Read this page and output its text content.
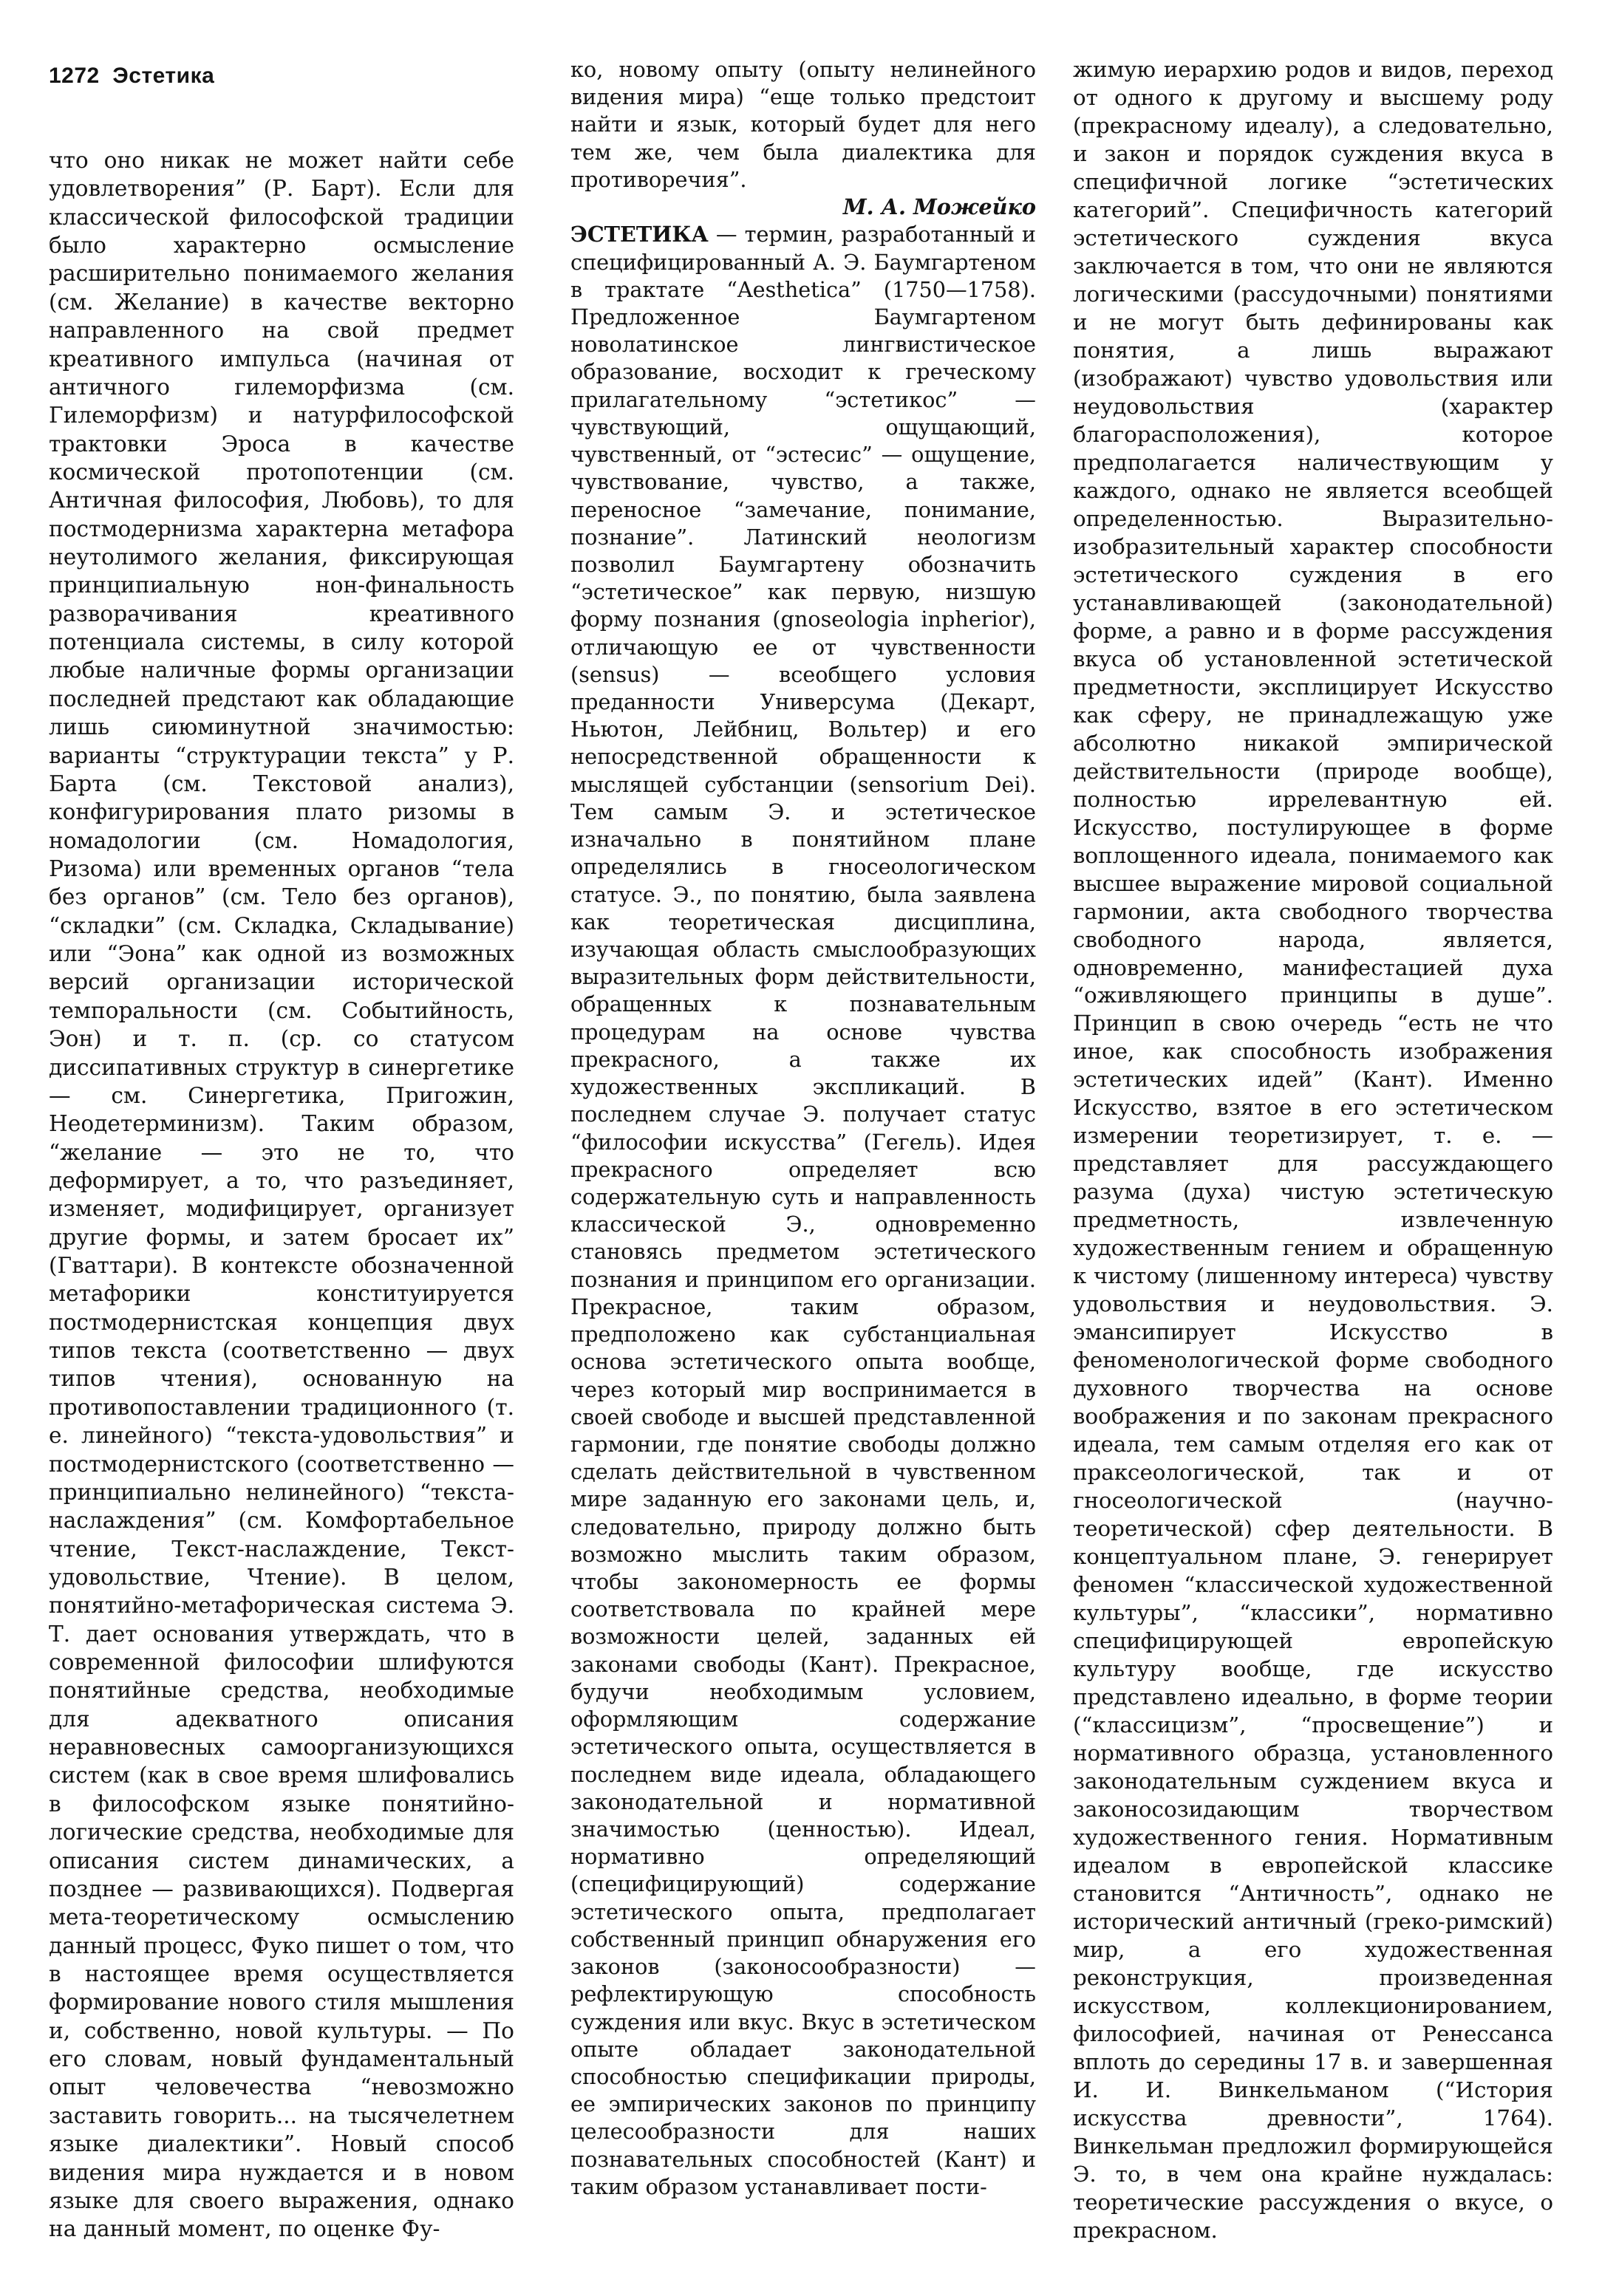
1272 Эстетика

что оно никак не может найти себе удовлетворения” (Р. Барт). Если для классической философской традиции было характерно осмысление расширительно понимаемого желания (см. Желание) в качестве векторно направленного на свой предмет креативного импульса (начиная от античного гилеморфизма (см. Гилеморфизм) и натурфилософской трактовки Эроса в качестве космической протопотенции (см. Античная философия, Любовь), то для постмодернизма характерна метафора неутолимого желания, фиксирующая принципиальную нон-финальность разворачивания креативного потенциала системы, в силу которой любые наличные формы организации последней предстают как обладающие лишь сиюминутной значимостью: варианты “структурации текста” у Р. Барта (см. Текстовой анализ), конфигурирования плато ризомы в номадологии (см. Номадология, Ризома) или временных органов “тела без органов” (см. Тело без органов), “складки” (см. Складка, Складывание) или “Эона” как одной из возможных версий организации исторической темпоральности (см. Событийность, Эон) и т. п. (ср. со статусом диссипативных структур в синергетике — см. Синергетика, Пригожин, Неодетерминизм). Таким образом, “желание — это не то, что деформирует, а то, что разъединяет, изменяет, модифицирует, организует другие формы, и затем бросает их” (Гваттари). В контексте обозначенной метафорики конституируется постмодернистская концепция двух типов текста (соответственно — двух типов чтения), основанную на противопоставлении традиционного (т. е. линейного) “текста-удовольствия” и постмодернистского (соответственно — принципиально нелинейного) “текста-наслаждения” (см. Комфортабельное чтение, Текст-наслаждение, Текст-удовольствие, Чтение). В целом, понятийно-метафорическая система Э. Т. дает основания утверждать, что в современной философии шлифуются понятийные средства, необходимые для адекватного описания неравновесных самоорганизующихся систем (как в свое время шлифовались в философском языке понятийно-логические средства, необходимые для описания систем динамических, а позднее — развивающихся). Подвергая мета-теоретическому осмыслению данный процесс, Фуко пишет о том, что в настоящее время осуществляется формирование нового стиля мышления и, собственно, новой культуры. — По его словам, новый фундаментальный опыт человечества “невозможно заставить говорить... на тысячелетнем языке диалектики”. Новый способ видения мира нуждается и в новом языке для своего выражения, однако на данный момент, по оценке Фу-

ко, новому опыту (опыту нелинейного видения мира) “еще только предстоит найти и язык, который будет для него тем же, чем была диалектика для противоречия”.

М. А. Можейко

ЭСТЕТИКА — термин, разработанный и специфицированный А. Э. Баумгартеном в трактате “Aesthetica” (1750—1758). Предложенное Баумгартеном новолатинское лингвистическое образование, восходит к греческому прилагательному “эстетикос” — чувствующий, ощущающий, чувственный, от “эстесис” — ощущение, чувствование, чувство, а также, переносное “замечание, понимание, познание”. Латинский неологизм позволил Баумгартену обозначить “эстетическое” как первую, низшую форму познания (gnoseologia inpherior), отличающую ее от чувственности (sensus) — всеобщего условия преданности Универсума (Декарт, Ньютон, Лейбниц, Вольтер) и его непосредственной обращенности к мыслящей субстанции (sensorium Dei). Тем самым Э. и эстетическое изначально в понятийном плане определялись в гносеологическом статусе. Э., по понятию, была заявлена как теоретическая дисциплина, изучающая область смыслообразующих выразительных форм действительности, обращенных к познавательным процедурам на основе чувства прекрасного, а также их художественных экспликаций. В последнем случае Э. получает статус “философии искусства” (Гегель). Идея прекрасного определяет всю содержательную суть и направленность классической Э., одновременно становясь предметом эстетического познания и принципом его организации. Прекрасное, таким образом, предположено как субстанциальная основа эстетического опыта вообще, через который мир воспринимается в своей свободе и высшей представленной гармонии, где понятие свободы должно сделать действительной в чувственном мире заданную его законами цель, и, следовательно, природу должно быть возможно мыслить таким образом, чтобы закономерность ее формы соответствовала по крайней мере возможности целей, заданных ей законами свободы (Кант). Прекрасное, будучи необходимым условием, оформляющим содержание эстетического опыта, осуществляется в последнем виде идеала, обладающего законодательной и нормативной значимостью (ценностью). Идеал, нормативно определяющий (специфицирующий) содержание эстетического опыта, предполагает собственный принцип обнаружения его законов (законосообразности) — рефлектирующую способность суждения или вкус. Вкус в эстетическом опыте обладает законодательной способностью спецификации природы, ее эмпирических законов по принципу целесообразности для наших познавательных способностей (Кант) и таким образом устанавливает пости-

жимую иерархию родов и видов, переход от одного к другому и высшему роду (прекрасному идеалу), а следовательно, и закон и порядок суждения вкуса в специфичной логике “эстетических категорий”. Специфичность категорий эстетического суждения вкуса заключается в том, что они не являются логическими (рассудочными) понятиями и не могут быть дефинированы как понятия, а лишь выражают (изображают) чувство удовольствия или неудовольствия (характер благорасположения), которое предполагается наличествующим у каждого, однако не является всеобщей определенностью. Выразительно-изобразительный характер способности эстетического суждения в его устанавливающей (законодательной) форме, а равно и в форме рассуждения вкуса об установленной эстетической предметности, эксплицирует Искусство как сферу, не принадлежащую уже абсолютно никакой эмпирической действительности (природе вообще), полностью иррелевантную ей. Искусство, постулирующее в форме воплощенного идеала, понимаемого как высшее выражение мировой социальной гармонии, акта свободного творчества свободного народа, является, одновременно, манифестацией духа “оживляющего принципы в душе”. Принцип в свою очередь “есть не что иное, как способность изображения эстетических идей” (Кант). Именно Искусство, взятое в его эстетическом измерении теоретизирует, т. е. — представляет для рассуждающего разума (духа) чистую эстетическую предметность, извлеченную художественным гением и обращенную к чистому (лишенному интереса) чувству удовольствия и неудовольствия. Э. эмансипирует Искусство в феноменологической форме свободного духовного творчества на основе воображения и по законам прекрасного идеала, тем самым отделяя его как от праксеологической, так и от гносеологической (научно-теоретической) сфер деятельности. В концептуальном плане, Э. генерирует феномен “классической художественной культуры”, “классики”, нормативно специфицирующей европейскую культуру вообще, где искусство представлено идеально, в форме теории (“классицизм”, “просвещение”) и нормативного образца, установленного законодательным суждением вкуса и законосозидающим творчеством художественного гения. Нормативным идеалом в европейской классике становится “Античность”, однако не исторический античный (греко-римский) мир, а его художественная реконструкция, произведенная искусством, коллекционированием, философией, начиная от Ренессанса вплоть до середины 17 в. и завершенная И. И. Винкельманом (“История искусства древности”, 1764). Винкельман предложил формирующейся Э. то, в чем она крайне нуждалась: теоретические рассуждения о вкусе, о прекрасном.
